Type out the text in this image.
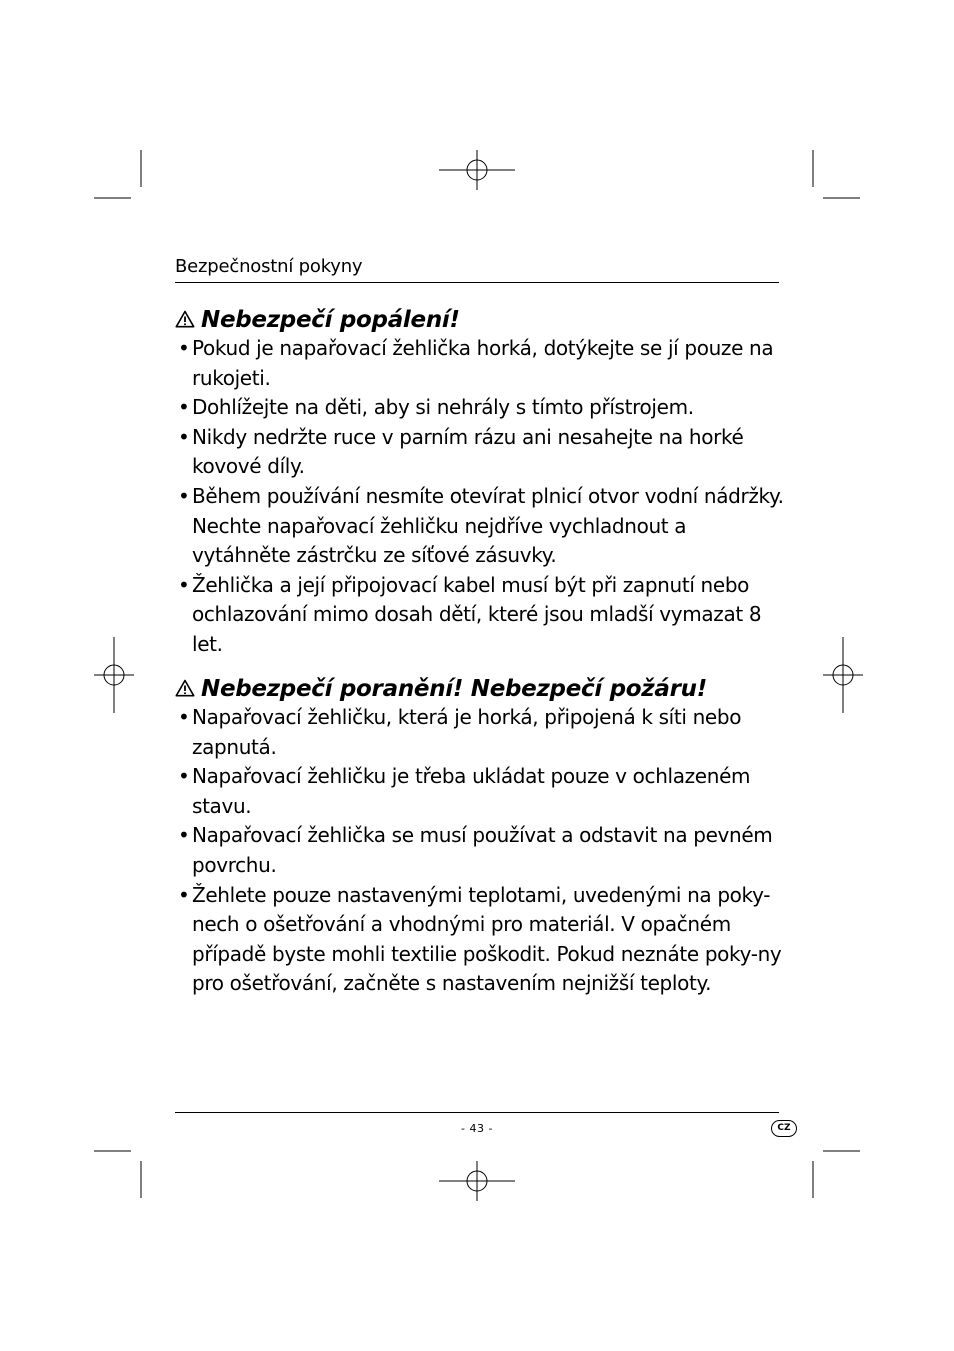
Bezpečnostní pokyny
Nebezpečí popálení!
• Pokud je napařovací žehlička horká, dotýkejte se jí pouze na rukojeti.
• Dohlížejte na děti, aby si nehrály s tímto přístrojem.
• Nikdy nedržte ruce v parním rázu ani nesahejte na horké kovové díly.
• Během používání nesmíte otevírat plnicí otvor vodní nádržky. Nechte napařovací žehličku nejdříve vychladnout a vytáhněte zástrčku ze síťové zásuvky.
• Žehlička a její připojovací kabel musí být při zapnutí nebo ochlazování mimo dosah dětí, které jsou mladší vymazat 8 let.
Nebezpečí poranění! Nebezpečí požáru!
• Napařovací žehličku, která je horká, připojená k síti nebo zapnutá.
• Napařovací žehličku je třeba ukládat pouze v ochlazeném stavu.
• Napařovací žehlička se musí používat a odstavit na pevném povrchu.
• Žehlete pouze nastavenými teplotami, uvedenými na poky-nech o ošetřování a vhodnými pro materiál. V opačném případě byste mohli textilie poškodit. Pokud neznáte poky-ny pro ošetřování, začněte s nastavením nejnižší teploty.
- 43 -	CZ
